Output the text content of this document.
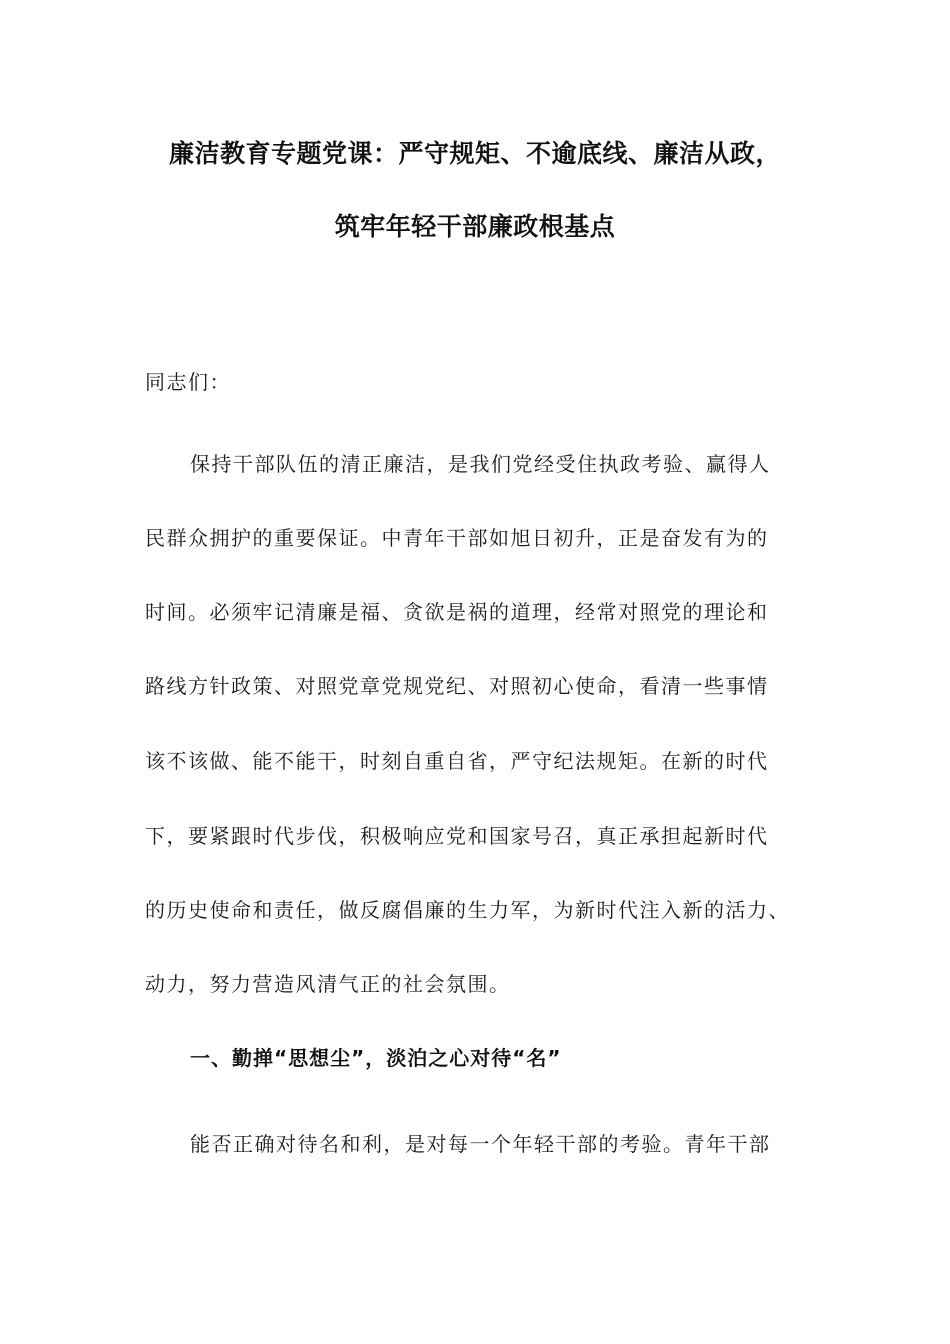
廉洁教育专题党课：严守规矩、不逾底线、廉洁从政，
筑牢年轻干部廉政根基点
同志们：
保持干部队伍的清正廉洁，是我们党经受住执政考验、赢得人
民群众拥护的重要保证。中青年干部如旭日初升，正是奋发有为的
时间。必须牢记清廉是福、贪欲是祸的道理，经常对照党的理论和
路线方针政策、对照党章党规党纪、对照初心使命，看清一些事情
该不该做、能不能干，时刻自重自省，严守纪法规矩。在新的时代
下，要紧跟时代步伐，积极响应党和国家号召，真正承担起新时代
的历史使命和责任，做反腐倡廉的生力军，为新时代注入新的活力、
动力，努力营造风清气正的社会氛围。
一、勤掸“思想尘”，淡泊之心对待“名”
能否正确对待名和利，是对每一个年轻干部的考验。青年干部
